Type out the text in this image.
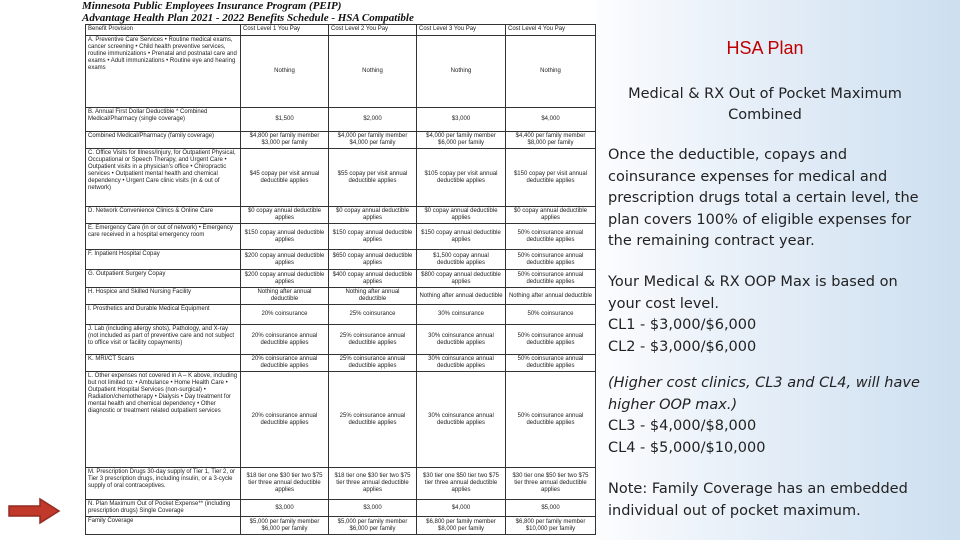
Minnesota Public Employees Insurance Program (PEIP)
Advantage Health Plan 2021 - 2022 Benefits Schedule - HSA Compatible
Benefit Provision	Cost Level 1 You Pay	Cost Level 2 You Pay	Cost Level 3 You Pay	Cost Level 4 You Pay
A. Preventive Care Services • Routine medical exams, cancer screening • Child health preventive services, routine immunizations • Prenatal and postnatal care and exams • Adult immunizations • Routine eye and hearing exams	Nothing	Nothing	Nothing	Nothing
B. Annual First Dollar Deductible * Combined Medical/Pharmacy (single coverage)	$1,500	$2,000	$3,000	$4,000
Combined Medical/Pharmacy (family coverage)	$4,800 per family member $3,000 per family	$4,000 per family member $4,000 per family	$4,000 per family member $6,000 per family	$4,400 per family member $8,000 per family
C. Office Visits for Illness/Injury, for Outpatient Physical, Occupational or Speech Therapy, and Urgent Care • Outpatient visits in a physician's office • Chiropractic services • Outpatient mental health and chemical dependency • Urgent Care clinic visits (in & out of network)	$45 copay per visit annual deductible applies	$55 copay per visit annual deductible applies	$105 copay per visit annual deductible applies	$150 copay per visit annual deductible applies
D. Network Convenience Clinics & Online Care	$0 copay annual deductible applies	$0 copay annual deductible applies	$0 copay annual deductible applies	$0 copay annual deductible applies
E. Emergency Care (in or out of network) • Emergency care received in a hospital emergency room	$150 copay annual deductible applies	$150 copay annual deductible applies	$150 copay annual deductible applies	50% coinsurance annual deductible applies
F. Inpatient Hospital Copay	$200 copay annual deductible applies	$650 copay annual deductible applies	$1,500 copay annual deductible applies	50% coinsurance annual deductible applies
G. Outpatient Surgery Copay	$200 copay annual deductible applies	$400 copay annual deductible applies	$800 copay annual deductible applies	50% coinsurance annual deductible applies
H. Hospice and Skilled Nursing Facility	Nothing after annual deductible	Nothing after annual deductible	Nothing after annual deductible	Nothing after annual deductible
I. Prosthetics and Durable Medical Equipment	20% coinsurance	25% coinsurance	30% coinsurance	50% coinsurance
J. Lab (including allergy shots), Pathology, and X-ray (not included as part of preventive care and not subject to office visit or facility copayments)	20% coinsurance annual deductible applies	25% coinsurance annual deductible applies	30% coinsurance annual deductible applies	50% coinsurance annual deductible applies
K. MRI/CT Scans	20% coinsurance annual deductible applies	25% coinsurance annual deductible applies	30% coinsurance annual deductible applies	50% coinsurance annual deductible applies
L. Other expenses not covered in A – K above, including but not limited to: • Ambulance • Home Health Care • Outpatient Hospital Services (non-surgical) • Radiation/chemotherapy • Dialysis • Day treatment for mental health and chemical dependency • Other diagnostic or treatment related outpatient services	20% coinsurance annual deductible applies	25% coinsurance annual deductible applies	30% coinsurance annual deductible applies	50% coinsurance annual deductible applies
M. Prescription Drugs 30-day supply of Tier 1, Tier 2, or Tier 3 prescription drugs, including insulin, or a 3-cycle supply of oral contraceptives.	$18 tier one $30 tier two $75 tier three annual deductible applies	$18 tier one $30 tier two $75 tier three annual deductible applies	$30 tier one $50 tier two $75 tier three annual deductible applies	$30 tier one $50 tier two $75 tier three annual deductible applies
N. Plan Maximum Out of Pocket Expense** (including prescription drugs) Single Coverage	$3,000	$3,000	$4,000	$5,000
Family Coverage	$5,000 per family member $6,000 per family	$5,000 per family member $6,000 per family	$6,800 per family member $8,000 per family	$6,800 per family member $10,000 per family
HSA Plan
Medical & RX Out of Pocket Maximum
Combined
Once the deductible, copays and
coinsurance expenses for medical and
prescription drugs total a certain level, the
plan covers 100% of eligible expenses for
the remaining contract year.
Your Medical & RX OOP Max is based on
your cost level.
CL1 - $3,000/$6,000
CL2 - $3,000/$6,000
(Higher cost clinics, CL3 and CL4, will have
higher OOP max.)
CL3 - $4,000/$8,000
CL4 - $5,000/$10,000
Note: Family Coverage has an embedded
individual out of pocket maximum.
